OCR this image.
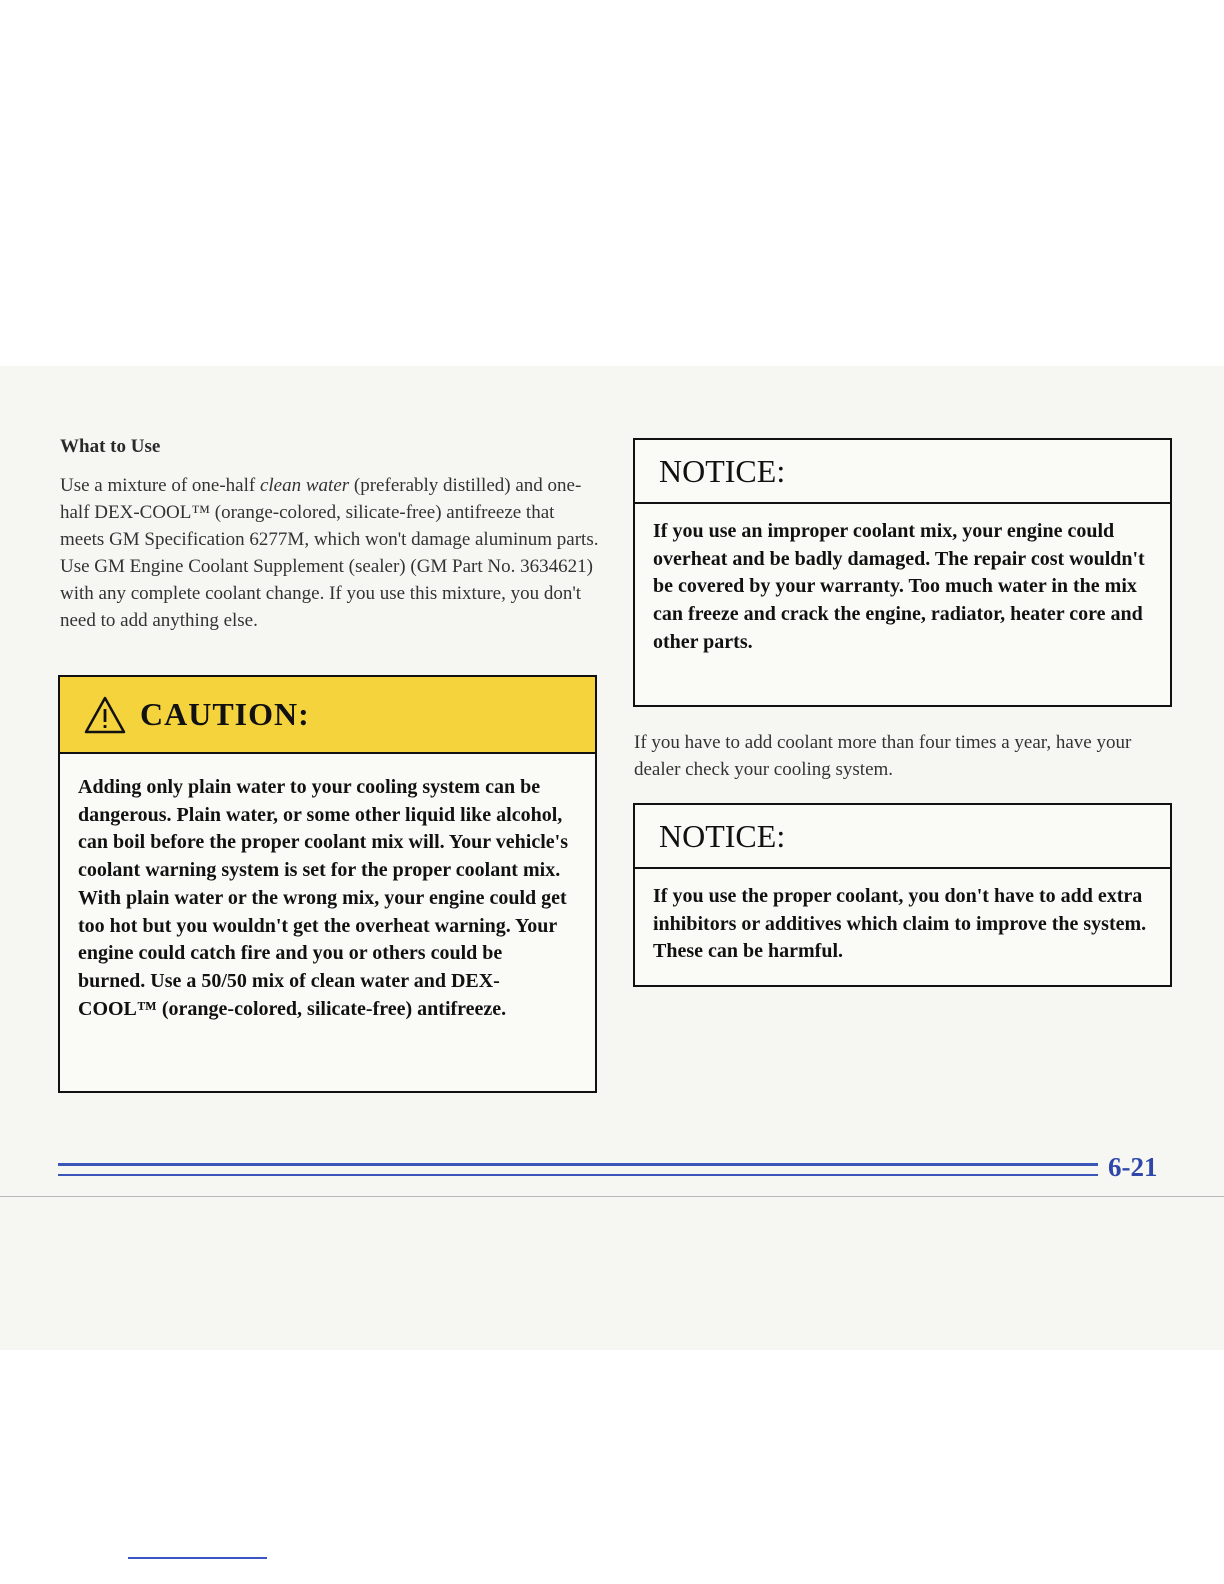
What to Use
Use a mixture of one-half clean water (preferably distilled) and one-half DEX-COOL™ (orange-colored, silicate-free) antifreeze that meets GM Specification 6277M, which won't damage aluminum parts. Use GM Engine Coolant Supplement (sealer) (GM Part No. 3634621) with any complete coolant change. If you use this mixture, you don't need to add anything else.
CAUTION:
Adding only plain water to your cooling system can be dangerous. Plain water, or some other liquid like alcohol, can boil before the proper coolant mix will. Your vehicle's coolant warning system is set for the proper coolant mix. With plain water or the wrong mix, your engine could get too hot but you wouldn't get the overheat warning. Your engine could catch fire and you or others could be burned. Use a 50/50 mix of clean water and DEX-COOL™ (orange-colored, silicate-free) antifreeze.
NOTICE:
If you use an improper coolant mix, your engine could overheat and be badly damaged. The repair cost wouldn't be covered by your warranty. Too much water in the mix can freeze and crack the engine, radiator, heater core and other parts.
If you have to add coolant more than four times a year, have your dealer check your cooling system.
NOTICE:
If you use the proper coolant, you don't have to add extra inhibitors or additives which claim to improve the system. These can be harmful.
6-21
